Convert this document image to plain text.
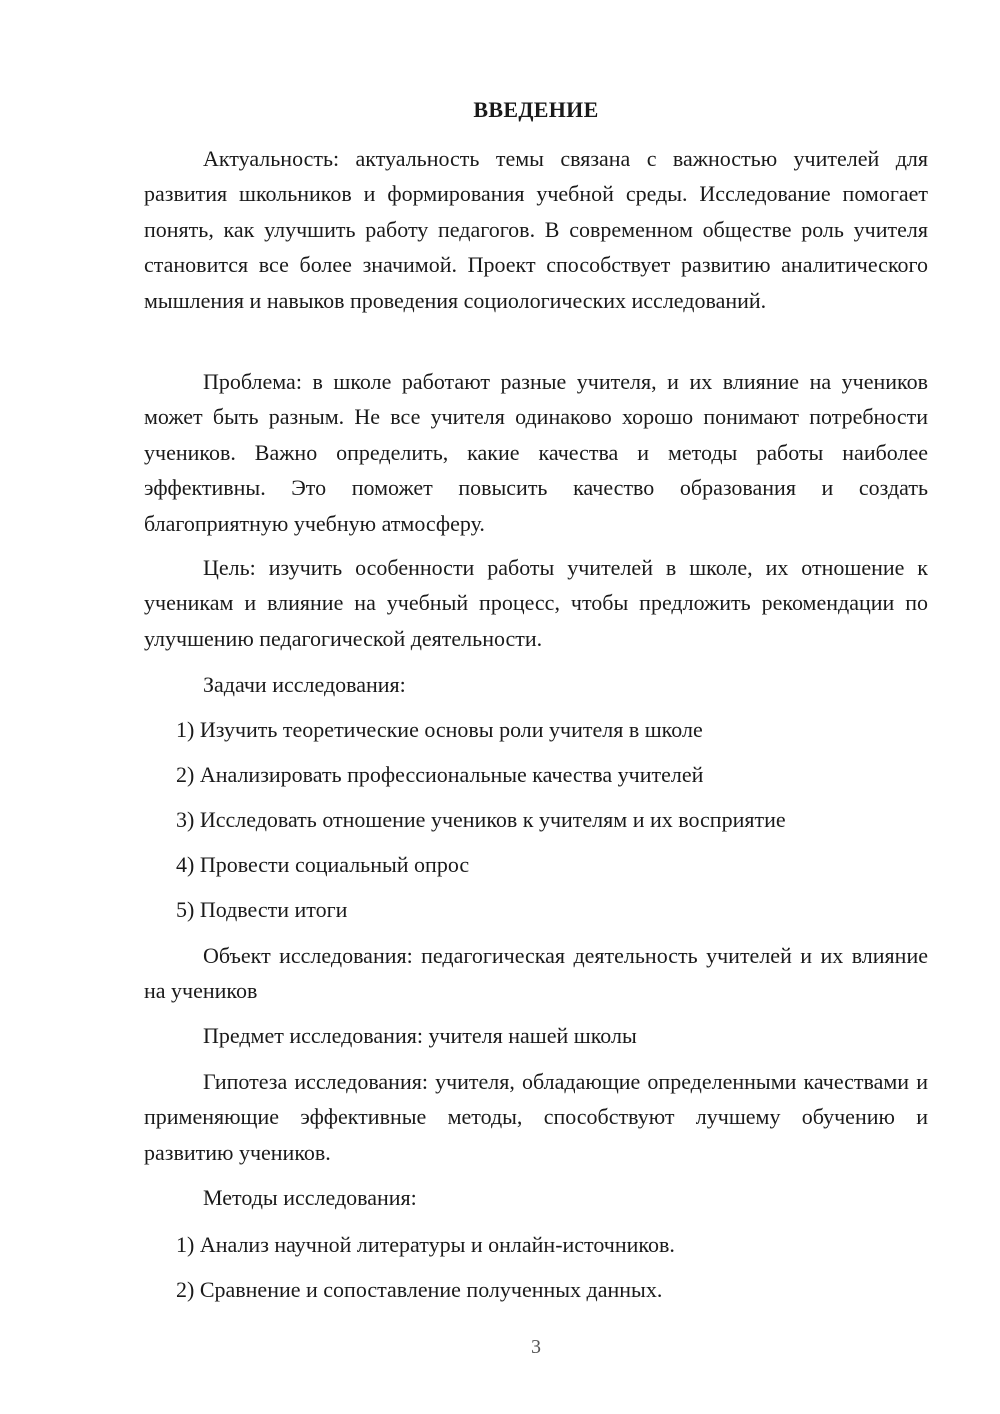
ВВЕДЕНИЕ

Актуальность: актуальность темы связана с важностью учителей для развития школьников и формирования учебной среды. Исследование помогает понять, как улучшить работу педагогов. В современном обществе роль учителя становится все более значимой. Проект способствует развитию аналитического мышления и навыков проведения социологических исследований.

Проблема: в школе работают разные учителя, и их влияние на учеников может быть разным. Не все учителя одинаково хорошо понимают потребности учеников. Важно определить, какие качества и методы работы наиболее эффективны. Это поможет повысить качество образования и создать благоприятную учебную атмосферу.

Цель: изучить особенности работы учителей в школе, их отношение к ученикам и влияние на учебный процесс, чтобы предложить рекомендации по улучшению педагогической деятельности.

Задачи исследования:

1) Изучить теоретические основы роли учителя в школе

2) Анализировать профессиональные качества учителей

3) Исследовать отношение учеников к учителям и их восприятие

4) Провести социальный опрос

5) Подвести итоги

Объект исследования: педагогическая деятельность учителей и их влияние на учеников

Предмет исследования: учителя нашей школы

Гипотеза исследования: учителя, обладающие определенными качествами и применяющие эффективные методы, способствуют лучшему обучению и развитию учеников.

Методы исследования:

1) Анализ научной литературы и онлайн-источников.

2) Сравнение и сопоставление полученных данных.

3
